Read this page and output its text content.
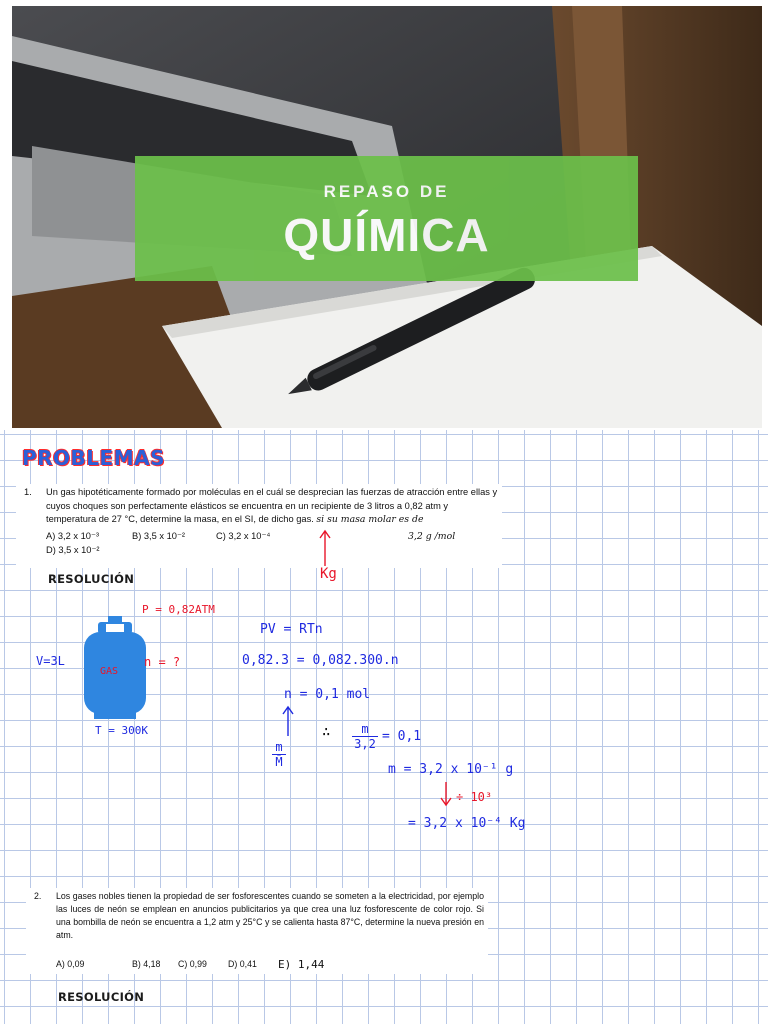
REPASO DE
QUÍMICA
PROBLEMAS
1. Un gas hipotéticamente formado por moléculas en el cuál se desprecian las fuerzas de atracción entre ellas y cuyos choques son perfectamente elásticos se encuentra en un recipiente de 3 litros a 0,82 atm y temperatura de 27 °C, determine la masa, en el SI, de dicho gas. si su masa molar es de
A) 3,2 x 10⁻³	B) 3,5 x 10⁻²	C) 3,2 x 10⁻⁴
D) 3,5 x 10⁻²
3,2 g /mol
Kg
RESOLUCIÓN
P = 0,82ATM
GAS
V=3L	n = ?
T = 300K
PV = RTn
0,82.3 = 0,082.300.n
n = 0,1 mol
$\frac{m}{M̄}$
∴ $\frac{m}{3,2} = 0,1$
m = 3,2 x 10⁻¹ g
÷ 10³
= 3,2 x 10⁻⁴ Kg
2. Los gases nobles tienen la propiedad de ser fosforescentes cuando se someten a la electricidad, por ejemplo las luces de neón se emplean en anuncios publicitarios ya que crea una luz fosforescente de color rojo. Si una bombilla de neón se encuentra a 1,2 atm y 25°C y se calienta hasta 87°C, determine la nueva presión en atm.
A) 0,09	B) 4,18 C) 0,99 D) 0,41 E) 1,44
RESOLUCIÓN
